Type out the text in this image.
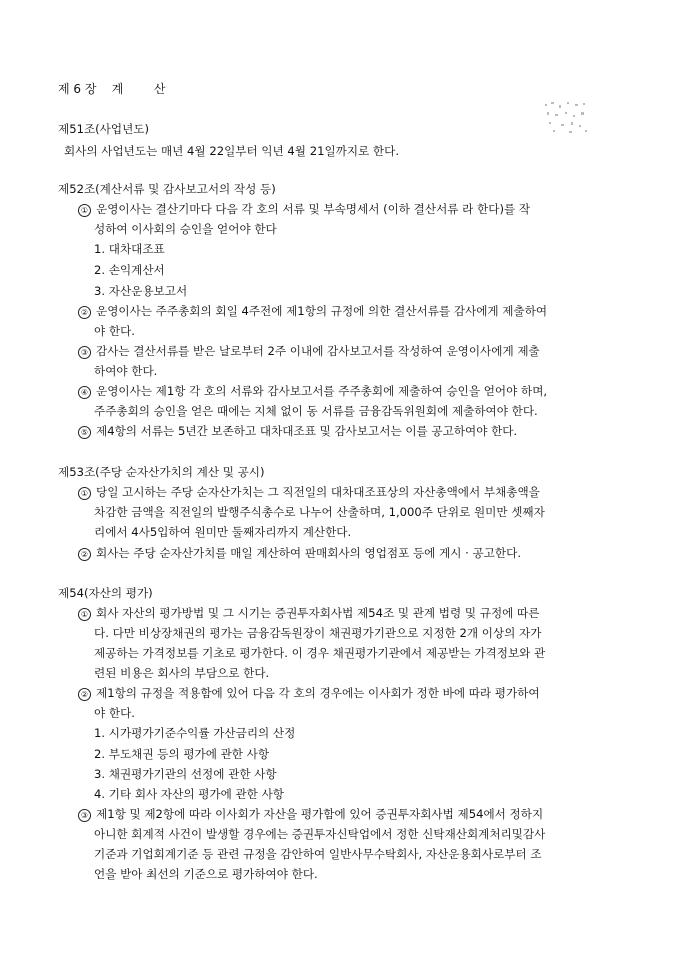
제 6 장    계        산
제51조(사업년도)
회사의 사업년도는 매년 4월 22일부터 익년 4월 21일까지로 한다.
제52조(계산서류 및 감사보고서의 작성 등)
① 운영이사는 결산기마다 다음 각 호의 서류 및 부속명세서 (이하 결산서류 라 한다)를 작
성하여 이사회의 승인을 얻어야 한다
1. 대차대조표
2. 손익계산서
3. 자산운용보고서
② 운영이사는 주주총회의 회일 4주전에 제1항의 규정에 의한 결산서류를 감사에게 제출하여
야 한다.
③ 감사는 결산서류를 받은 날로부터 2주 이내에 감사보고서를 작성하여 운영이사에게 제출
하여야 한다.
④ 운영이사는 제1항 각 호의 서류와 감사보고서를 주주총회에 제출하여 승인을 얻어야 하며,
주주총회의 승인을 얻은 때에는 지체 없이 동 서류를 금융감독위원회에 제출하여야 한다.
⑤ 제4항의 서류는 5년간 보존하고 대차대조표 및 감사보고서는 이를 공고하여야 한다.
제53조(주당 순자산가치의 계산 및 공시)
① 당일 고시하는 주당 순자산가치는 그 직전일의 대차대조표상의 자산총액에서 부채총액을
차감한 금액을 직전일의 발행주식총수로 나누어 산출하며, 1,000주 단위로 원미만 셋째자
리에서 4사5입하여 원미만 둘째자리까지 계산한다.
② 회사는 주당 순자산가치를 매일 계산하여 판매회사의 영업점포 등에 게시 · 공고한다.
제54(자산의 평가)
① 회사 자산의 평가방법 및 그 시기는 증권투자회사법 제54조 및 관계 법령 및 규정에 따른
다. 다만 비상장채권의 평가는 금융감독원장이 채권평가기관으로 지정한 2개 이상의 자가
제공하는 가격정보를 기초로 평가한다. 이 경우 채권평가기관에서 제공받는 가격정보와 관
련된 비용은 회사의 부담으로 한다.
② 제1항의 규정을 적용함에 있어 다음 각 호의 경우에는 이사회가 정한 바에 따라 평가하여
야 한다.
1. 시가평가기준수익률 가산금리의 산정
2. 부도채권 등의 평가에 관한 사항
3. 채권평가기관의 선정에 관한 사항
4. 기타 회사 자산의 평가에 관한 사항
③ 제1항 및 제2항에 따라 이사회가 자산을 평가함에 있어 증권투자회사법 제54에서 정하지
아니한 회계적 사건이 발생할 경우에는 증권투자신탁업에서 정한 신탁재산회계처리및감사
기준과 기업회계기준 등 관련 규정을 감안하여 일반사무수탁회사, 자산운용회사로부터 조
언을 받아 최선의 기준으로 평가하여야 한다.
